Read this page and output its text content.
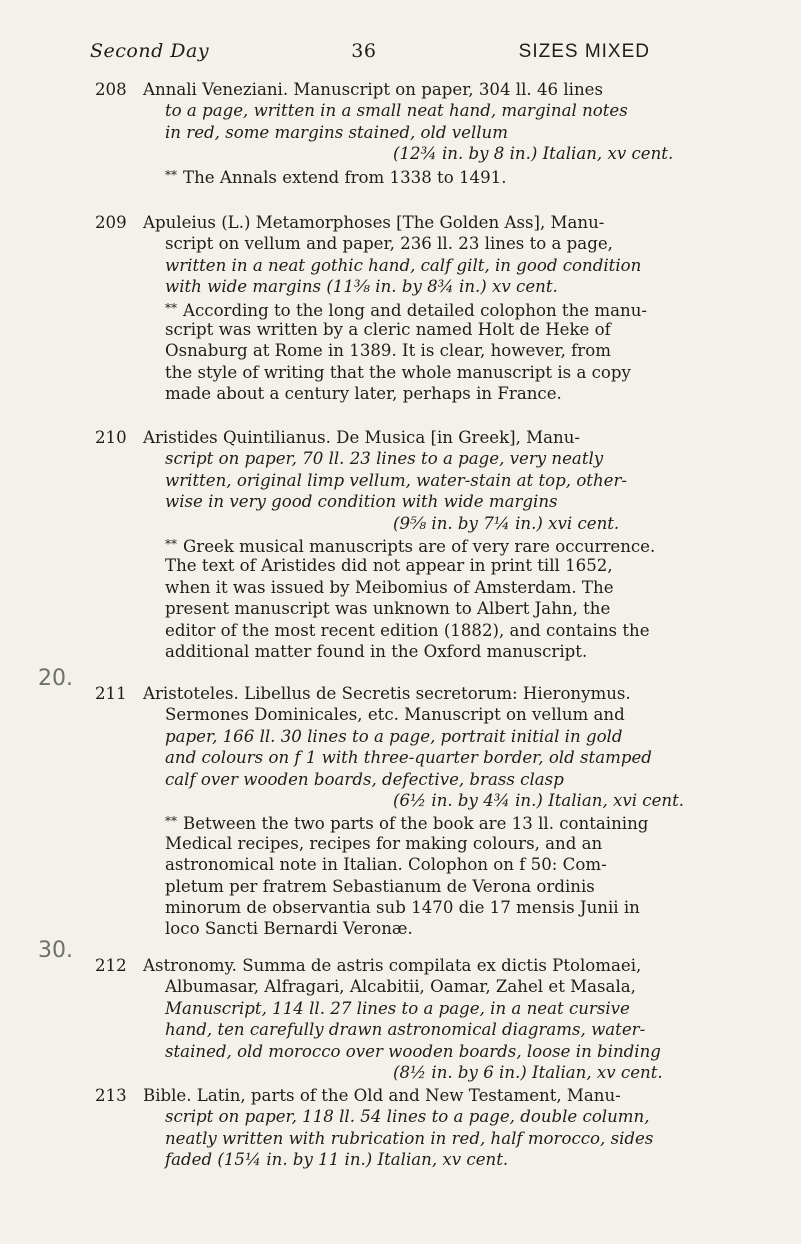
Second Day	36	SIZES MIXED
208 Annali Veneziani. Manuscript on paper, 304 ll. 46 lines
to a page, written in a small neat hand, marginal notes
in red, some margins stained, old vellum
(12¾ in. by 8 in.) Italian, xv cent.
** The Annals extend from 1338 to 1491.
209 Apuleius (L.) Metamorphoses [The Golden Ass], Manu-
script on vellum and paper, 236 ll. 23 lines to a page,
written in a neat gothic hand, calf gilt, in good condition
with wide margins (11⅜ in. by 8¾ in.) xv cent.
** According to the long and detailed colophon the manu-
script was written by a cleric named Holt de Heke of
Osnaburg at Rome in 1389. It is clear, however, from
the style of writing that the whole manuscript is a copy
made about a century later, perhaps in France.
210 Aristides Quintilianus. De Musica [in Greek], Manu-
script on paper, 70 ll. 23 lines to a page, very neatly
written, original limp vellum, water-stain at top, other-
wise in very good condition with wide margins
(9⅝ in. by 7¼ in.) xvi cent.
** Greek musical manuscripts are of very rare occurrence.
The text of Aristides did not appear in print till 1652,
when it was issued by Meibomius of Amsterdam. The
present manuscript was unknown to Albert Jahn, the
editor of the most recent edition (1882), and contains the
additional matter found in the Oxford manuscript.
20.
211 Aristoteles. Libellus de Secretis secretorum: Hieronymus.
Sermones Dominicales, etc. Manuscript on vellum and
paper, 166 ll. 30 lines to a page, portrait initial in gold
and colours on f 1 with three-quarter border, old stamped
calf over wooden boards, defective, brass clasp
(6½ in. by 4¾ in.) Italian, xvi cent.
** Between the two parts of the book are 13 ll. containing
Medical recipes, recipes for making colours, and an
astronomical note in Italian. Colophon on f 50: Com-
pletum per fratrem Sebastianum de Verona ordinis
minorum de observantia sub 1470 die 17 mensis Junii in
loco Sancti Bernardi Veronæ.
30.
212 Astronomy. Summa de astris compilata ex dictis Ptolomaei,
Albumasar, Alfragari, Alcabitii, Oamar, Zahel et Masala,
Manuscript, 114 ll. 27 lines to a page, in a neat cursive
hand, ten carefully drawn astronomical diagrams, water-
stained, old morocco over wooden boards, loose in binding
(8½ in. by 6 in.) Italian, xv cent.
213 Bible. Latin, parts of the Old and New Testament, Manu-
script on paper, 118 ll. 54 lines to a page, double column,
neatly written with rubrication in red, half morocco, sides
faded (15¼ in. by 11 in.) Italian, xv cent.
